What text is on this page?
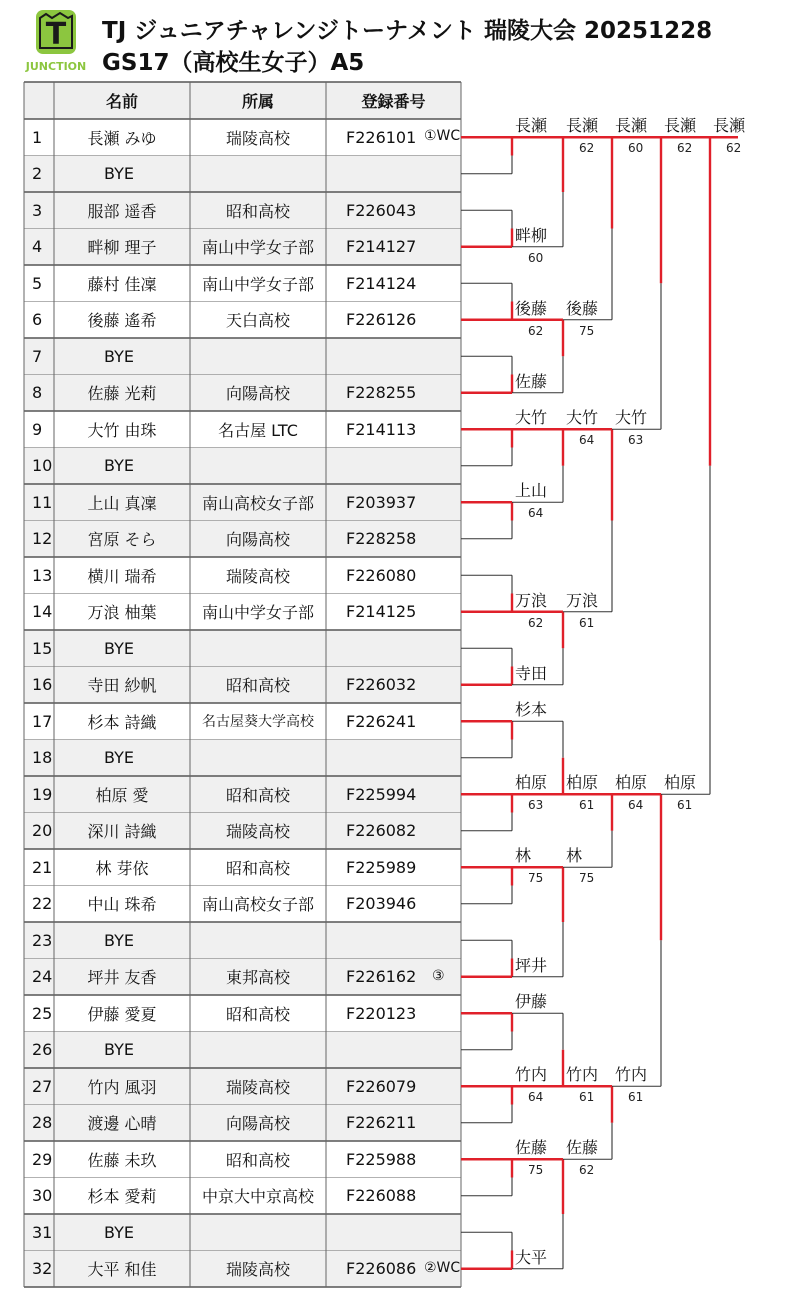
T
JUNCTION
TJ ジュニアチャレンジトーナメント 瑞陵大会 20251228
GS17（高校生女子）A5
名前	所属	登録番号
1	長瀬 みゆ	瑞陵高校	F226101 ①WC
2	BYE
3	服部 遥香	昭和高校	F226043
4	畔柳 理子	南山中学女子部	F214127
5	藤村 佳凜	南山中学女子部	F214124
6	後藤 遙希	天白高校	F226126
7	BYE
8	佐藤 光莉	向陽高校	F228255
9	大竹 由珠	名古屋 LTC	F214113
10	BYE
11	上山 真凜	南山高校女子部	F203937
12	宮原 そら	向陽高校	F228258
13	横川 瑞希	瑞陵高校	F226080
14	万浪 柚葉	南山中学女子部	F214125
15	BYE
16	寺田 紗帆	昭和高校	F226032
17	杉本 詩織	名古屋葵大学高校	F226241
18	BYE
19	柏原 愛	昭和高校	F225994
20	深川 詩織	瑞陵高校	F226082
21	林 芽依	昭和高校	F225989
22	中山 珠希	南山高校女子部	F203946
23	BYE
24	坪井 友香	東邦高校	F226162	③
25	伊藤 愛夏	昭和高校	F220123
26	BYE
27	竹内 風羽	瑞陵高校	F226079
28	渡邊 心晴	向陽高校	F226211
29	佐藤 未玖	昭和高校	F225988
30	杉本 愛莉	中京大中京高校	F226088
31	BYE
32	大平 和佳	瑞陵高校	F226086 ②WC
長瀬
畔柳
60
後藤
62
佐藤
大竹
上山
64
万浪
62
寺田
杉本
柏原
63
林
75
坪井
伊藤
竹内
64
佐藤
75
大平
長瀬
62
後藤
75
大竹
64
万浪
61
柏原
61
林
75
竹内
61
佐藤
62
長瀬
60
大竹
63
柏原
64
竹内
61
長瀬
62
柏原
61
長瀬
62
